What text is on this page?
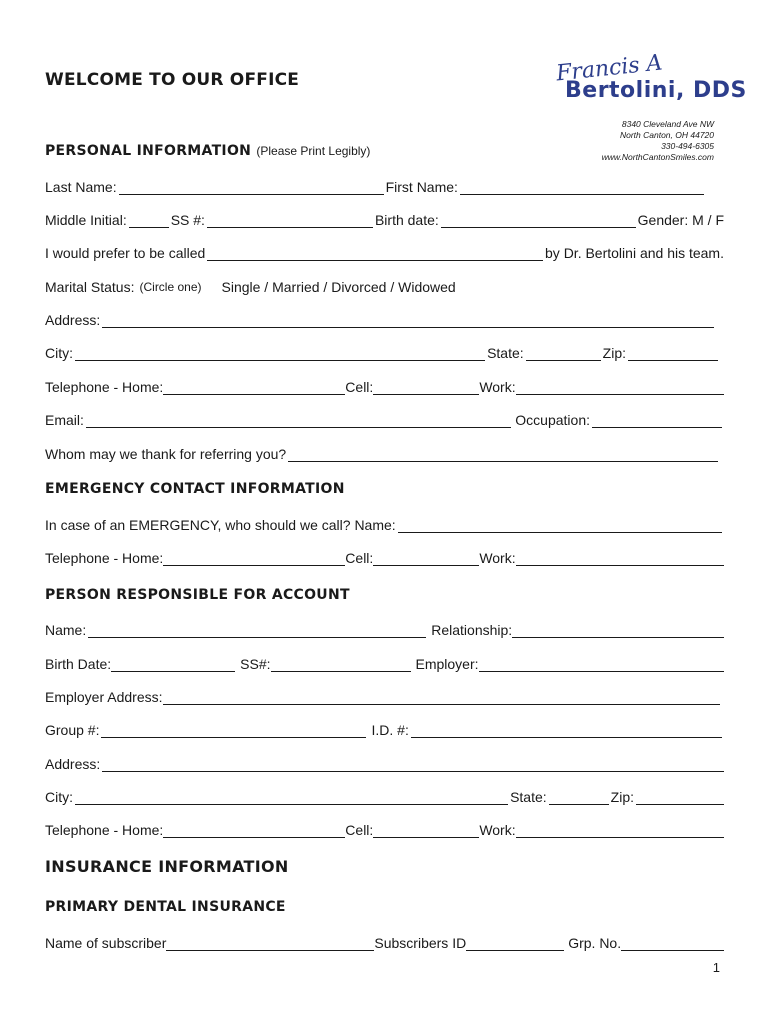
WELCOME TO OUR OFFICE	Francis A
Bertolini, DDS
8340 Cleveland Ave NW
North Canton, OH 44720
330-494-6305
www.NorthCantonSmiles.com
PERSONAL INFORMATION (Please Print Legibly)
Last Name:	First Name:
Middle Initial:	SS #:	Birth date:	Gender: M / F
I would prefer to be called	by Dr. Bertolini and his team.
Marital Status: (Circle one) Single / Married / Divorced / Widowed
Address:
City:	State:	Zip:
Telephone - Home:	Cell:	Work:
Email:	Occupation:
Whom may we thank for referring you?
EMERGENCY CONTACT INFORMATION
In case of an EMERGENCY, who should we call? Name:
Telephone - Home:	Cell:	Work:
PERSON RESPONSIBLE FOR ACCOUNT
Name:	Relationship:
Birth Date:	SS#:	Employer:
Employer Address:
Group #:	I.D. #:
Address:
City:	State:	Zip:
Telephone - Home:	Cell:	Work:
INSURANCE INFORMATION
PRIMARY DENTAL INSURANCE
Name of subscriber	Subscribers ID	Grp. No.
1
